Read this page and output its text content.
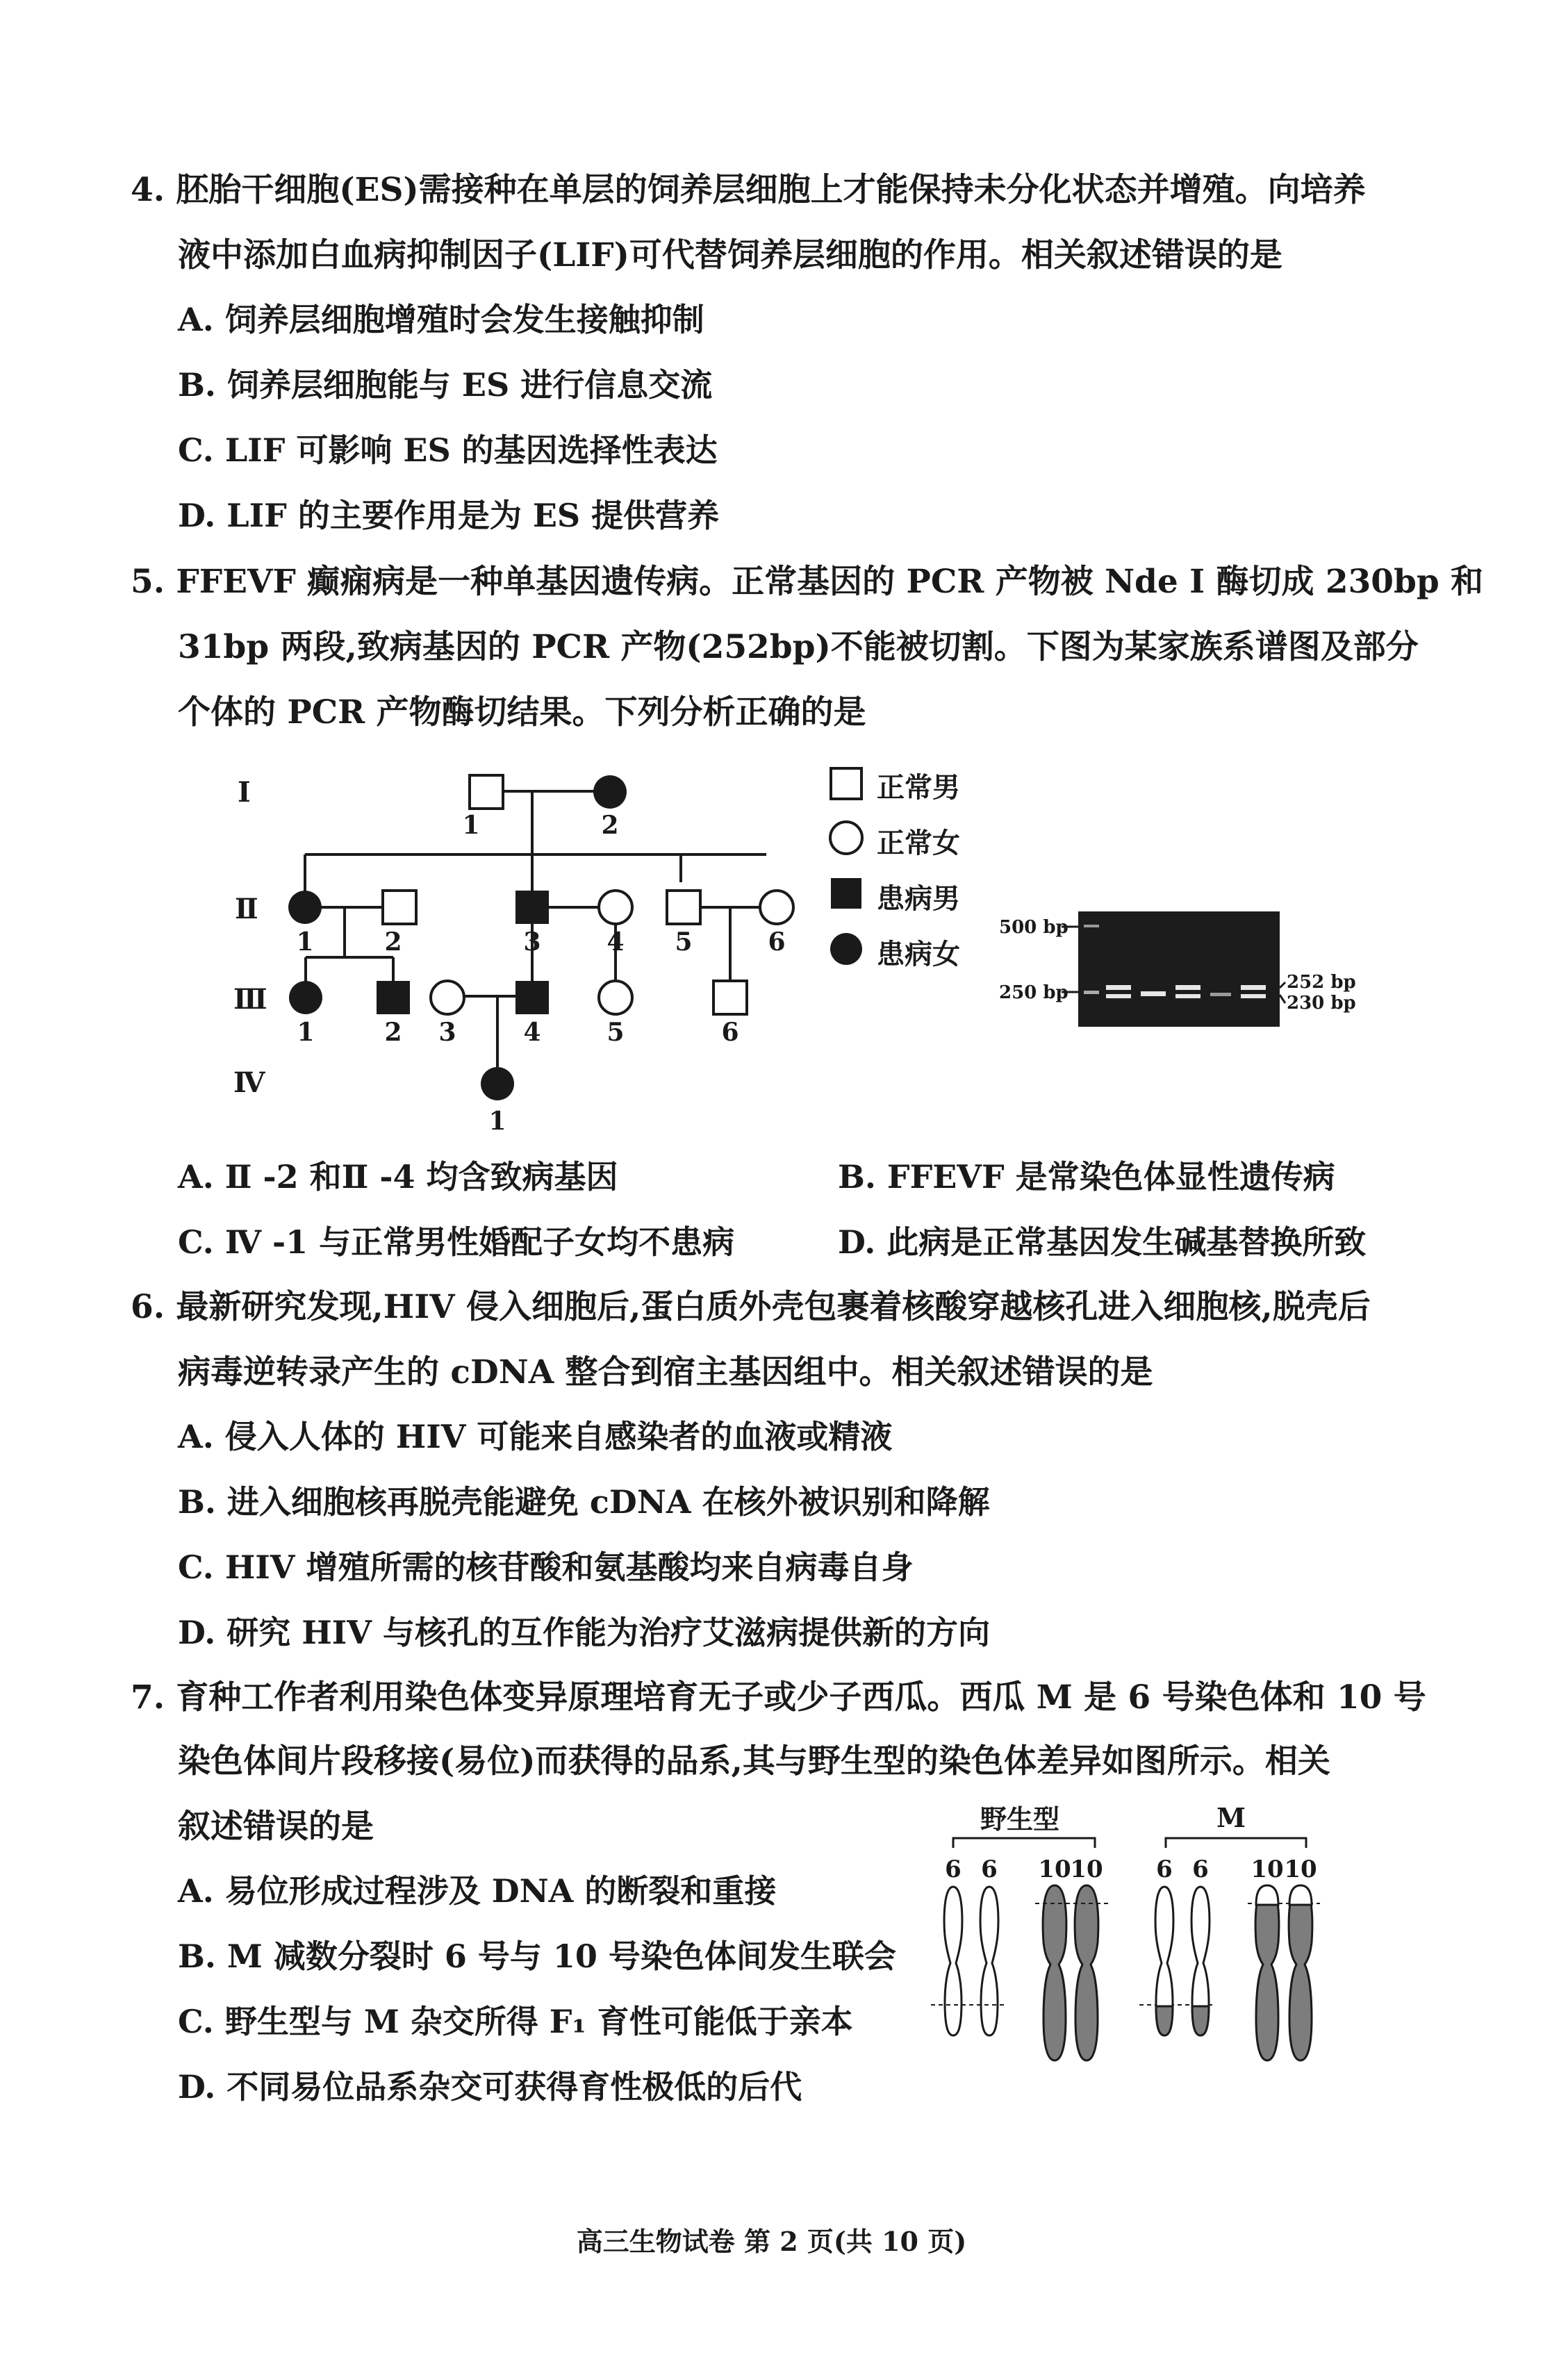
4. 胚胎干细胞(ES)需接种在单层的饲养层细胞上才能保持未分化状态并增殖。向培养
液中添加白血病抑制因子(LIF)可代替饲养层细胞的作用。相关叙述错误的是
A. 饲养层细胞增殖时会发生接触抑制
B. 饲养层细胞能与 ES 进行信息交流
C. LIF 可影响 ES 的基因选择性表达
D. LIF 的主要作用是为 ES 提供营养
5. FFEVF 癫痫病是一种单基因遗传病。正常基因的 PCR 产物被 Nde Ⅰ 酶切成 230bp 和
31bp 两段,致病基因的 PCR 产物(252bp)不能被切割。下图为某家族系谱图及部分
个体的 PCR 产物酶切结果。下列分析正确的是
Ⅰ
Ⅱ
Ⅲ
Ⅳ
1	2
1	2	3	4 5	6
1	2 3	4	5	6
1
正常男
正常女
患病男
患病女
500 bp
250 bp	252 bp
230 bp
A. Ⅱ -2 和Ⅱ -4 均含致病基因	B. FFEVF 是常染色体显性遗传病
C. Ⅳ -1 与正常男性婚配子女均不患病	D. 此病是正常基因发生碱基替换所致
6. 最新研究发现,HIV 侵入细胞后,蛋白质外壳包裹着核酸穿越核孔进入细胞核,脱壳后
病毒逆转录产生的 cDNA 整合到宿主基因组中。相关叙述错误的是
A. 侵入人体的 HIV 可能来自感染者的血液或精液
B. 进入细胞核再脱壳能避免 cDNA 在核外被识别和降解
C. HIV 增殖所需的核苷酸和氨基酸均来自病毒自身
D. 研究 HIV 与核孔的互作能为治疗艾滋病提供新的方向
7. 育种工作者利用染色体变异原理培育无子或少子西瓜。西瓜 M 是 6 号染色体和 10 号
染色体间片段移接(易位)而获得的品系,其与野生型的染色体差异如图所示。相关
叙述错误的是
A. 易位形成过程涉及 DNA 的断裂和重接
B. M 减数分裂时 6 号与 10 号染色体间发生联会
C. 野生型与 M 杂交所得 F₁ 育性可能低于亲本
D. 不同易位品系杂交可获得育性极低的后代
野生型	M
6 6 10
10 6 6 10 10
高三生物试卷 第 2 页(共 10 页)
